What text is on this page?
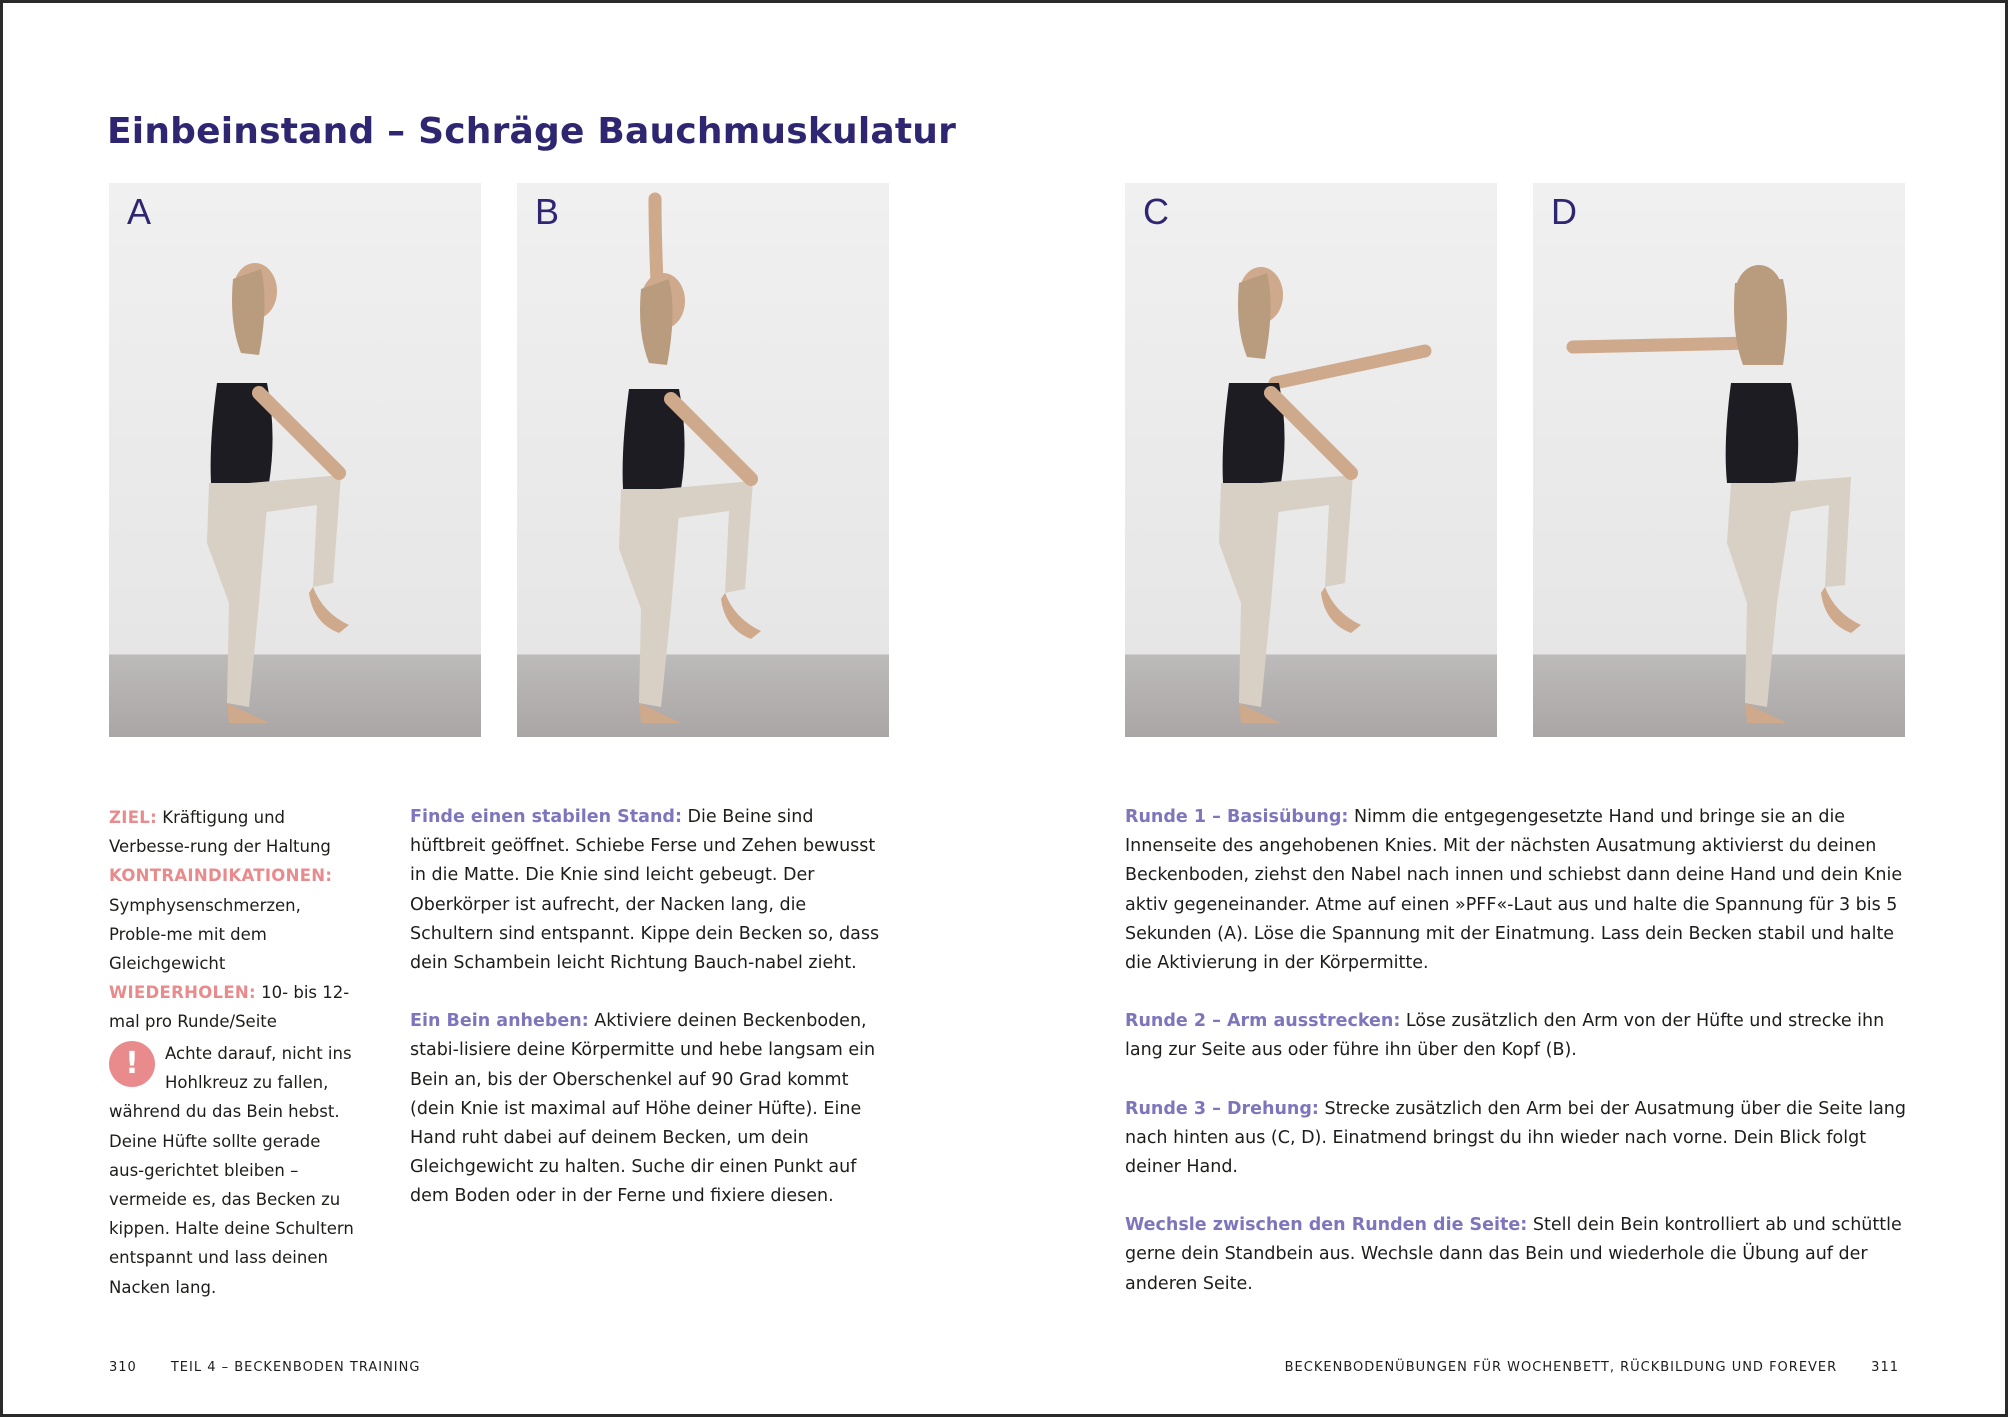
Einbeinstand – Schräge Bauchmuskulatur
A	B	C	D
ZIEL: Kräftigung und Verbesse-rung der Haltung
KONTRAINDIKATIONEN: Symphysenschmerzen, Proble-me mit dem Gleichgewicht
WIEDERHOLEN: 10- bis 12-mal pro Runde/Seite
!	Achte darauf, nicht ins Hohlkreuz zu fallen, während du das Bein hebst. Deine Hüfte sollte gerade aus-gerichtet bleiben – vermeide es, das Becken zu kippen. Halte deine Schultern entspannt und lass deinen Nacken lang.

Finde einen stabilen Stand: Die Beine sind hüftbreit geöffnet. Schiebe Ferse und Zehen bewusst in die Matte. Die Knie sind leicht gebeugt. Der Oberkörper ist aufrecht, der Nacken lang, die Schultern sind entspannt. Kippe dein Becken so, dass dein Schambein leicht Richtung Bauch-nabel zieht.

Ein Bein anheben: Aktiviere deinen Beckenboden, stabi-lisiere deine Körpermitte und hebe langsam ein Bein an, bis der Oberschenkel auf 90 Grad kommt (dein Knie ist maximal auf Höhe deiner Hüfte). Eine Hand ruht dabei auf deinem Becken, um dein Gleichgewicht zu halten. Suche dir einen Punkt auf dem Boden oder in der Ferne und fixiere diesen.

Runde 1 – Basisübung: Nimm die entgegengesetzte Hand und bringe sie an die Innenseite des angehobenen Knies. Mit der nächsten Ausatmung aktivierst du deinen Beckenboden, ziehst den Nabel nach innen und schiebst dann deine Hand und dein Knie aktiv gegeneinander. Atme auf einen »PFF«-Laut aus und halte die Spannung für 3 bis 5 Sekunden (A). Löse die Spannung mit der Einatmung. Lass dein Becken stabil und halte die Aktivierung in der Körpermitte.

Runde 2 – Arm ausstrecken: Löse zusätzlich den Arm von der Hüfte und strecke ihn lang zur Seite aus oder führe ihn über den Kopf (B).

Runde 3 – Drehung: Strecke zusätzlich den Arm bei der Ausatmung über die Seite lang nach hinten aus (C, D). Einatmend bringst du ihn wieder nach vorne. Dein Blick folgt deiner Hand.

Wechsle zwischen den Runden die Seite: Stell dein Bein kontrolliert ab und schüttle gerne dein Standbein aus. Wechsle dann das Bein und wiederhole die Übung auf der anderen Seite.

310	TEIL 4 – BECKENBODEN TRAINING	BECKENBODENÜBUNGEN FÜR WOCHENBETT, RÜCKBILDUNG UND FOREVER	311
